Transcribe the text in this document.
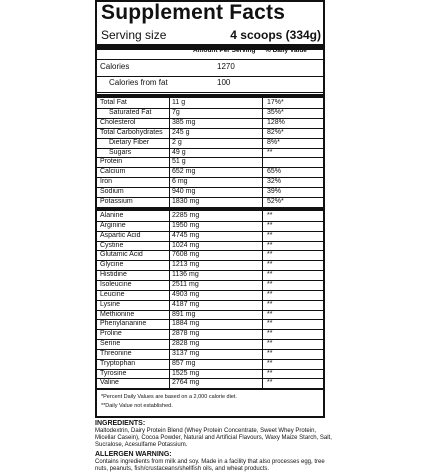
Supplement Facts
Serving size	4 scoops (334g)
Amount Per Serving % Daily Value*
Calories	1270
Calories from fat	100
Total Fat	11 g	17%*
Saturated Fat	7g	35%*
Cholesterol	385 mg	128%
Total Carbohydrates 245 g	82%*
Dietary Fiber	2 g	8%*
Sugars	49 g	**
Protein	51 g
Calcium	652 mg	65%
Iron	6 mg	32%
Sodium	940 mg	39%
Potassium	1830 mg	52%*
Alanine	2285 mg	**
Arginine	1950 mg	**
Aspartic Acid	4745 mg	**
Cystine	1024 mg	**
Glutamic Acid	7608 mg	**
Glycine	1213 mg	**
Histidine	1136 mg	**
Isoleucine	2511 mg	**
Leucine	4903 mg	**
Lysine	4187 mg	**
Methionine	891 mg	**
Phenylananine	1884 mg	**
Proline	2878 mg	**
Serine	2828 mg	**
Threonine	3137 mg	**
Tryptophan	857 mg	**
Tyrosine	1525 mg	**
Valine	2764 mg	**
*Percent Daily Values are based on a 2,000 calorie diet.
**Daily Value not established.
INGREDIENTS:
Maltodextrin, Dairy Protein Blend (Whey Protein Concentrate, Sweet Whey Protein, Micellar Casein), Cocoa Powder, Natural and Artificial Flavours, Waxy Maize Starch, Salt, Sucralose, Acesulfame Potassium.
ALLERGEN WARNING:
Contains ingredients from milk and soy. Made in a facility that also processes egg, tree nuts, peanuts, fish/crustaceans/shellfish oils, and wheat products.
